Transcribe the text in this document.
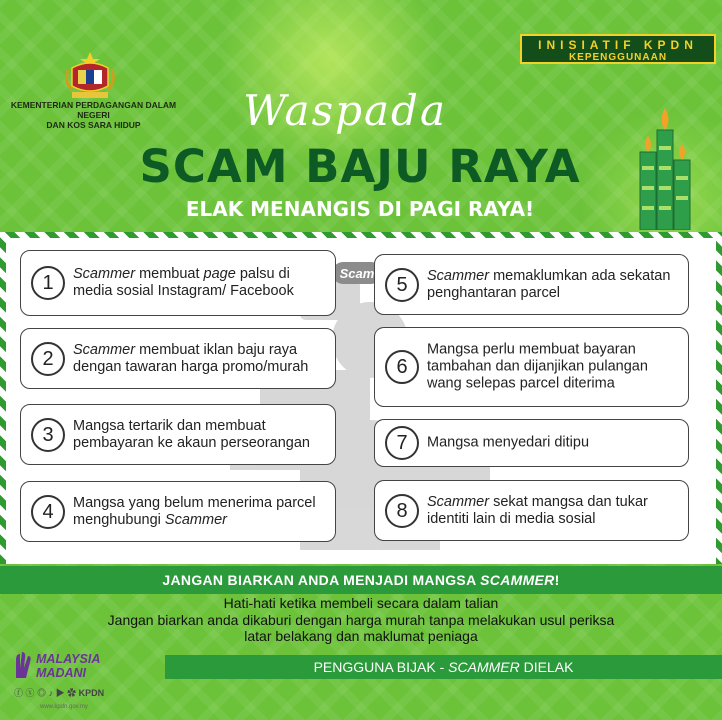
KEMENTERIAN PERDAGANGAN DALAM NEGERI
DAN KOS SARA HIDUP
INISIATIF KPDN
KEPENGGUNAAN
Waspada
SCAM BAJU RAYA
ELAK MENANGIS DI PAGI RAYA!
Scam
1	Scammer membuat page palsu di media sosial Instagram/ Facebook
2	Scammer membuat iklan baju raya dengan tawaran harga promo/murah
3	Mangsa tertarik dan membuat pembayaran ke akaun perseorangan
4	Mangsa yang belum menerima parcel menghubungi Scammer
5	Scammer memaklumkan ada sekatan penghantaran parcel
6
Mangsa perlu membuat bayaran tambahan dan dijanjikan pulangan wang selepas parcel diterima
7	Mangsa menyedari ditipu
8	Scammer sekat mangsa dan tukar identiti lain di media sosial
JANGAN BIARKAN ANDA MENJADI MANGSA SCAMMER!
Hati-hati ketika membeli secara dalam talian
Jangan biarkan anda dikaburi dengan harga murah tanpa melakukan usul periksa
latar belakang dan maklumat peniaga
PENGGUNA BIJAK - SCAMMER DIELAK
MALAYSIA
MADANI
ⓕ ⓧ ◎ ♪ ▶ ✿ KPDN
www.kpdn.gov.my
